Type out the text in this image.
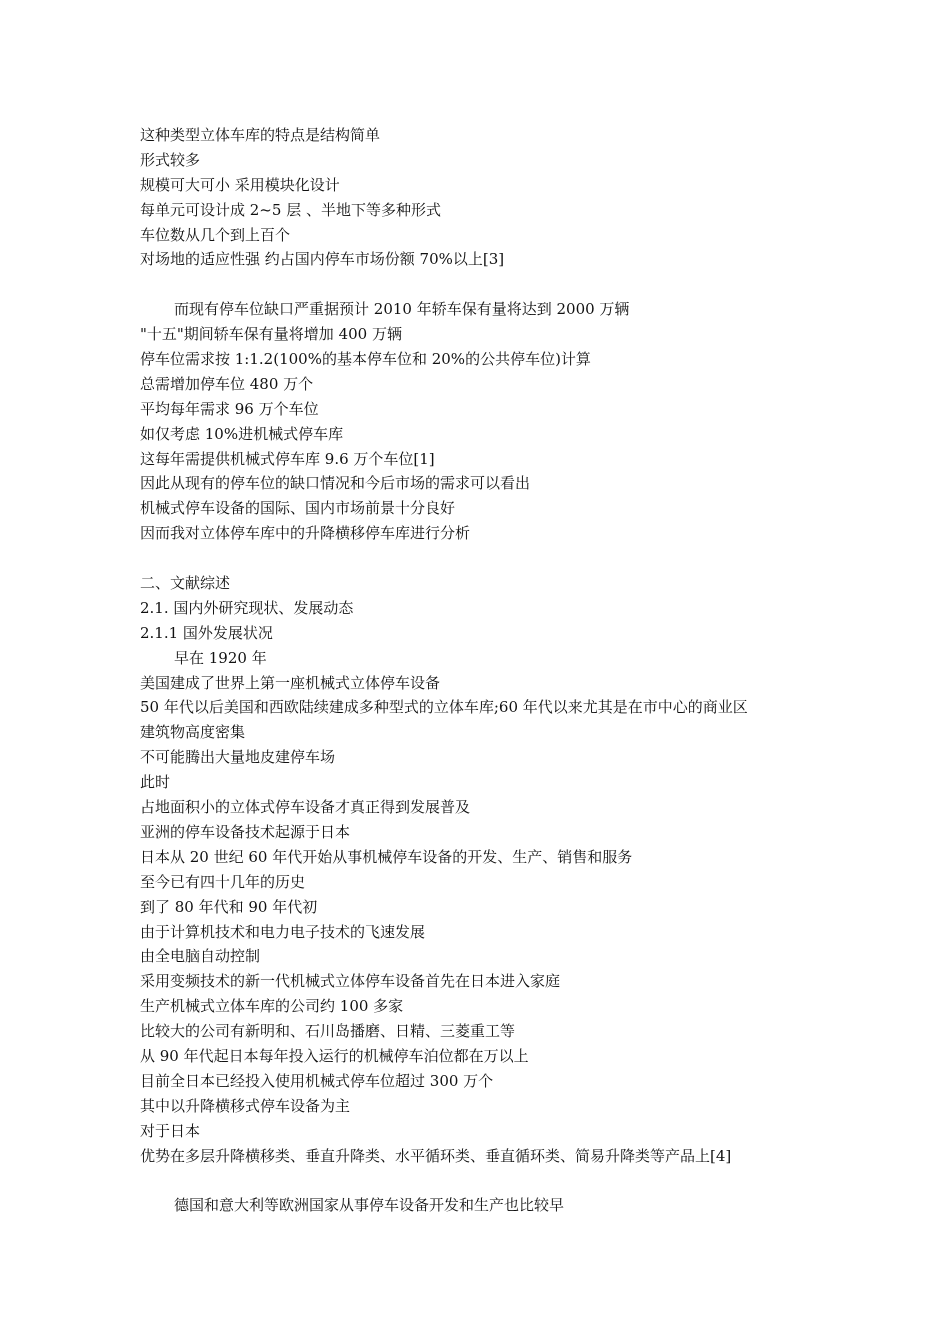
这种类型立体车库的特点是结构简单
形式较多
规模可大可小 采用模块化设计
每单元可设计成 2~5 层 、半地下等多种形式
车位数从几个到上百个
对场地的适应性强 约占国内停车市场份额 70%以上[3]
而现有停车位缺口严重据预计 2010 年轿车保有量将达到 2000 万辆
"十五"期间轿车保有量将增加 400 万辆
停车位需求按 1:1.2(100%的基本停车位和 20%的公共停车位)计算
总需增加停车位 480 万个
平均每年需求 96 万个车位
如仅考虑 10%进机械式停车库
这每年需提供机械式停车库 9.6 万个车位[1]
因此从现有的停车位的缺口情况和今后市场的需求可以看出
机械式停车设备的国际、国内市场前景十分良好
因而我对立体停车库中的升降横移停车库进行分析
二、文献综述
2.1. 国内外研究现状、发展动态
2.1.1 国外发展状况
早在 1920 年
美国建成了世界上第一座机械式立体停车设备
50 年代以后美国和西欧陆续建成多种型式的立体车库;60 年代以来尤其是在市中心的商业区
建筑物高度密集
不可能腾出大量地皮建停车场
此时
占地面积小的立体式停车设备才真正得到发展普及
亚洲的停车设备技术起源于日本
日本从 20 世纪 60 年代开始从事机械停车设备的开发、生产、销售和服务
至今已有四十几年的历史
到了 80 年代和 90 年代初
由于计算机技术和电力电子技术的飞速发展
由全电脑自动控制
采用变频技术的新一代机械式立体停车设备首先在日本进入家庭
生产机械式立体车库的公司约 100 多家
比较大的公司有新明和、石川岛播磨、日精、三菱重工等
从 90 年代起日本每年投入运行的机械停车泊位都在万以上
目前全日本已经投入使用机械式停车位超过 300 万个
其中以升降横移式停车设备为主
对于日本
优势在多层升降横移类、垂直升降类、水平循环类、垂直循环类、简易升降类等产品上[4]
德国和意大利等欧洲国家从事停车设备开发和生产也比较早
